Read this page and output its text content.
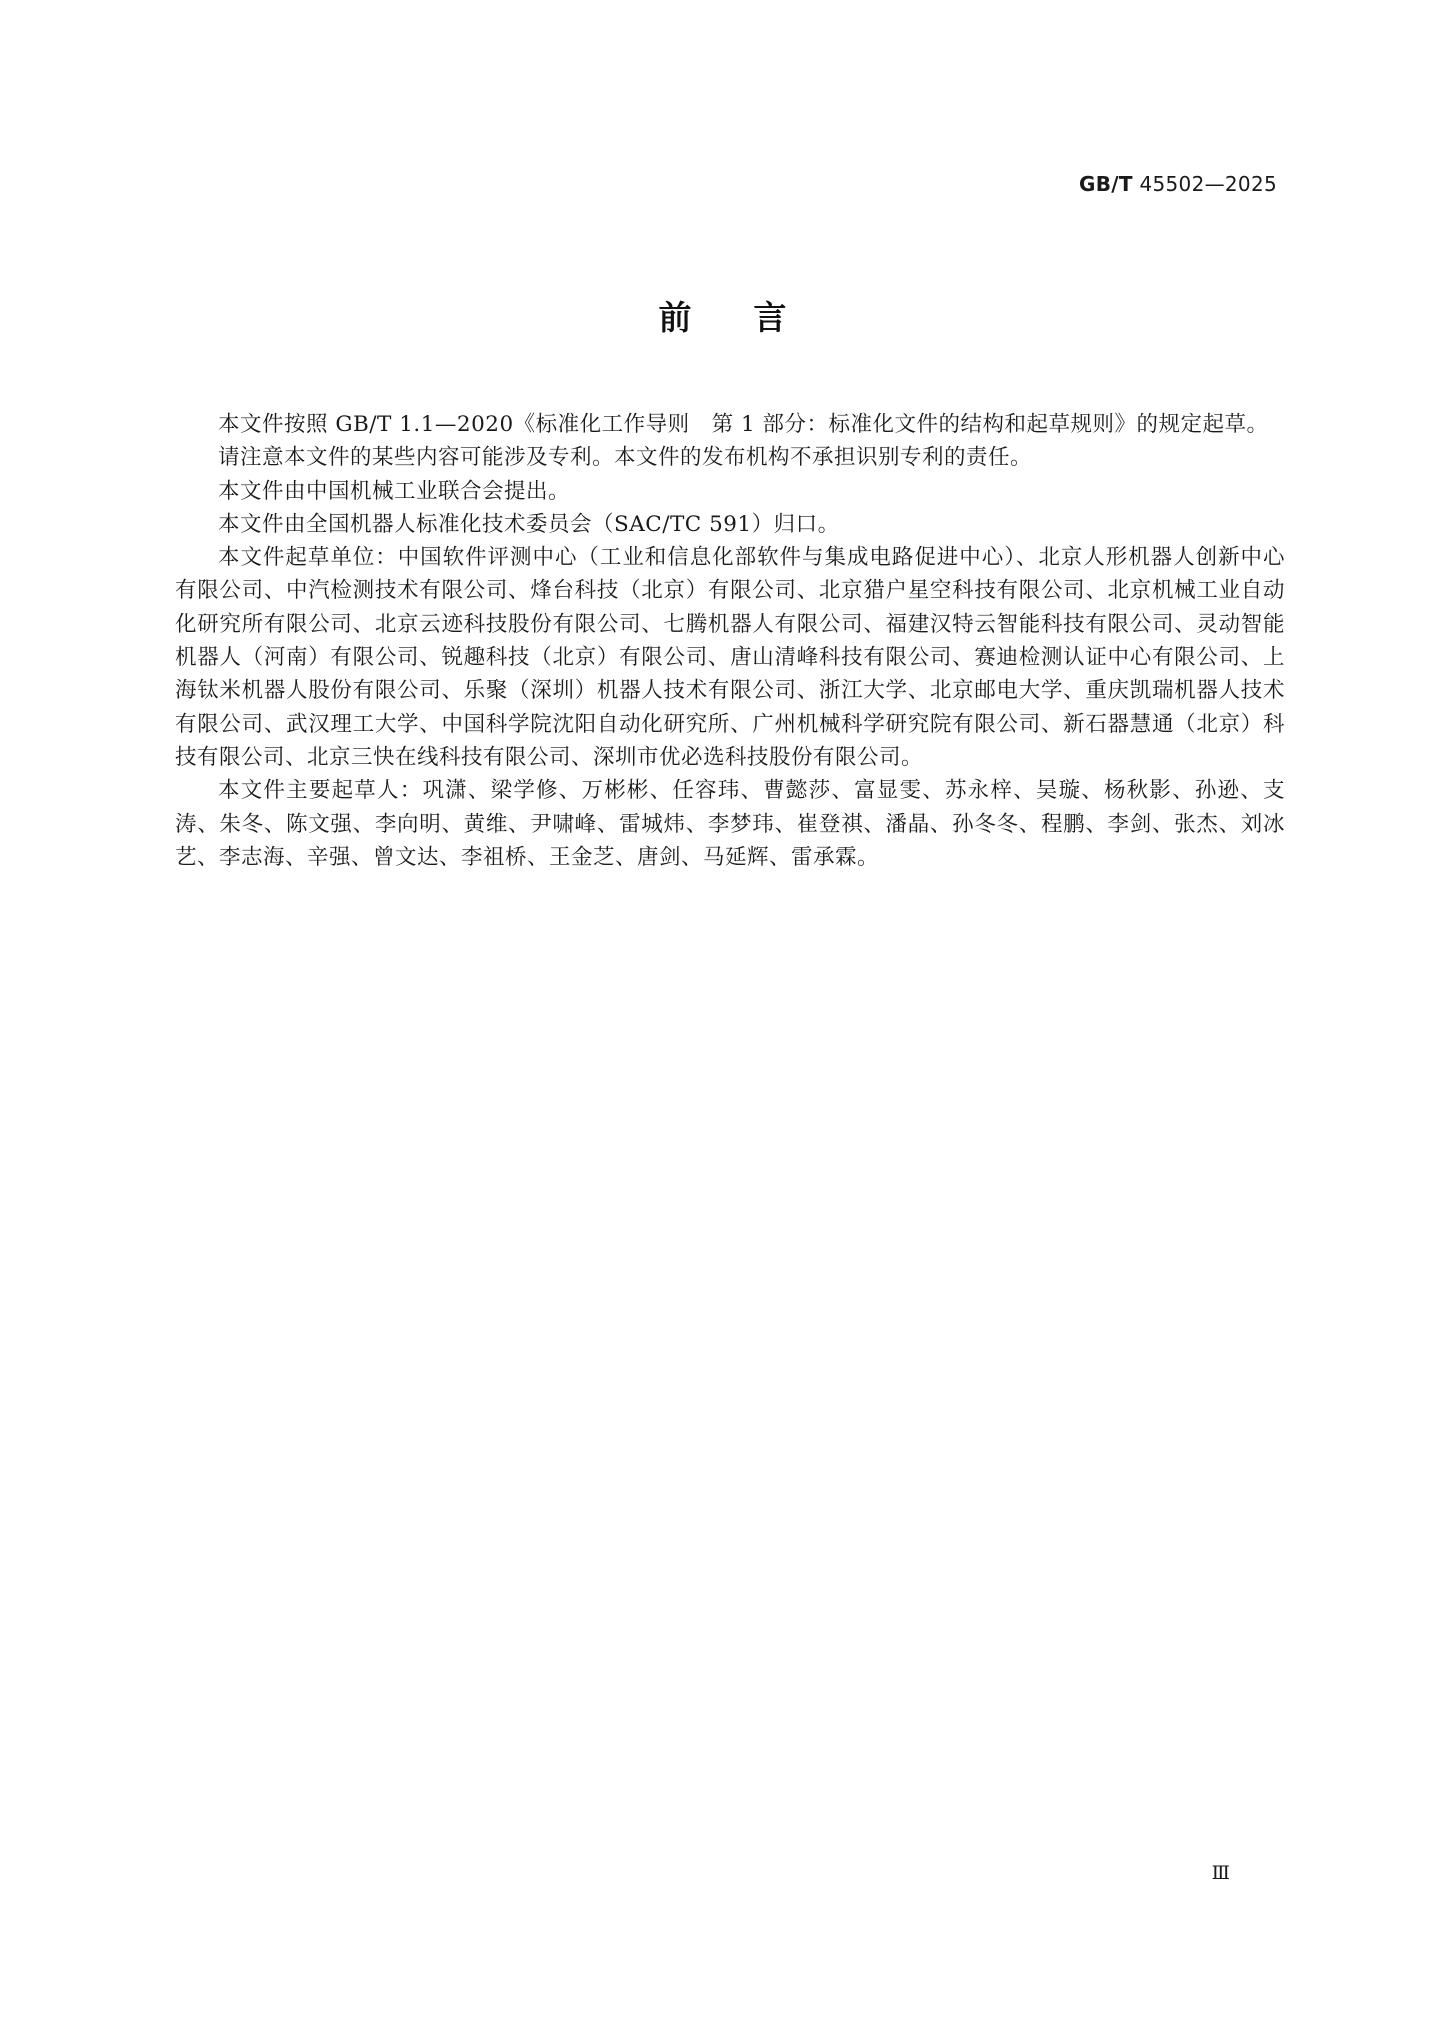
GB/T 45502—2025
前言

本文件按照 GB/T 1.1—2020《标准化工作导则　第 1 部分：标准化文件的结构和起草规则》的规定起草。

请注意本文件的某些内容可能涉及专利。本文件的发布机构不承担识别专利的责任。

本文件由中国机械工业联合会提出。

本文件由全国机器人标准化技术委员会（SAC/TC 591）归口。

本文件起草单位：中国软件评测中心（工业和信息化部软件与集成电路促进中心）、北京人形机器人创新中心有限公司、中汽检测技术有限公司、烽台科技（北京）有限公司、北京猎户星空科技有限公司、北京机械工业自动化研究所有限公司、北京云迹科技股份有限公司、七腾机器人有限公司、福建汉特云智能科技有限公司、灵动智能机器人（河南）有限公司、锐趣科技（北京）有限公司、唐山清峰科技有限公司、赛迪检测认证中心有限公司、上海钛米机器人股份有限公司、乐聚（深圳）机器人技术有限公司、浙江大学、北京邮电大学、重庆凯瑞机器人技术有限公司、武汉理工大学、中国科学院沈阳自动化研究所、广州机械科学研究院有限公司、新石器慧通（北京）科技有限公司、北京三快在线科技有限公司、深圳市优必选科技股份有限公司。

本文件主要起草人：巩潇、梁学修、万彬彬、任容玮、曹懿莎、富显雯、苏永梓、吴璇、杨秋影、孙逊、支涛、朱冬、陈文强、李向明、黄维、尹啸峰、雷城炜、李梦玮、崔登祺、潘晶、孙冬冬、程鹏、李剑、张杰、刘冰艺、李志海、辛强、曾文达、李祖桥、王金芝、唐剑、马延辉、雷承霖。

Ⅲ
